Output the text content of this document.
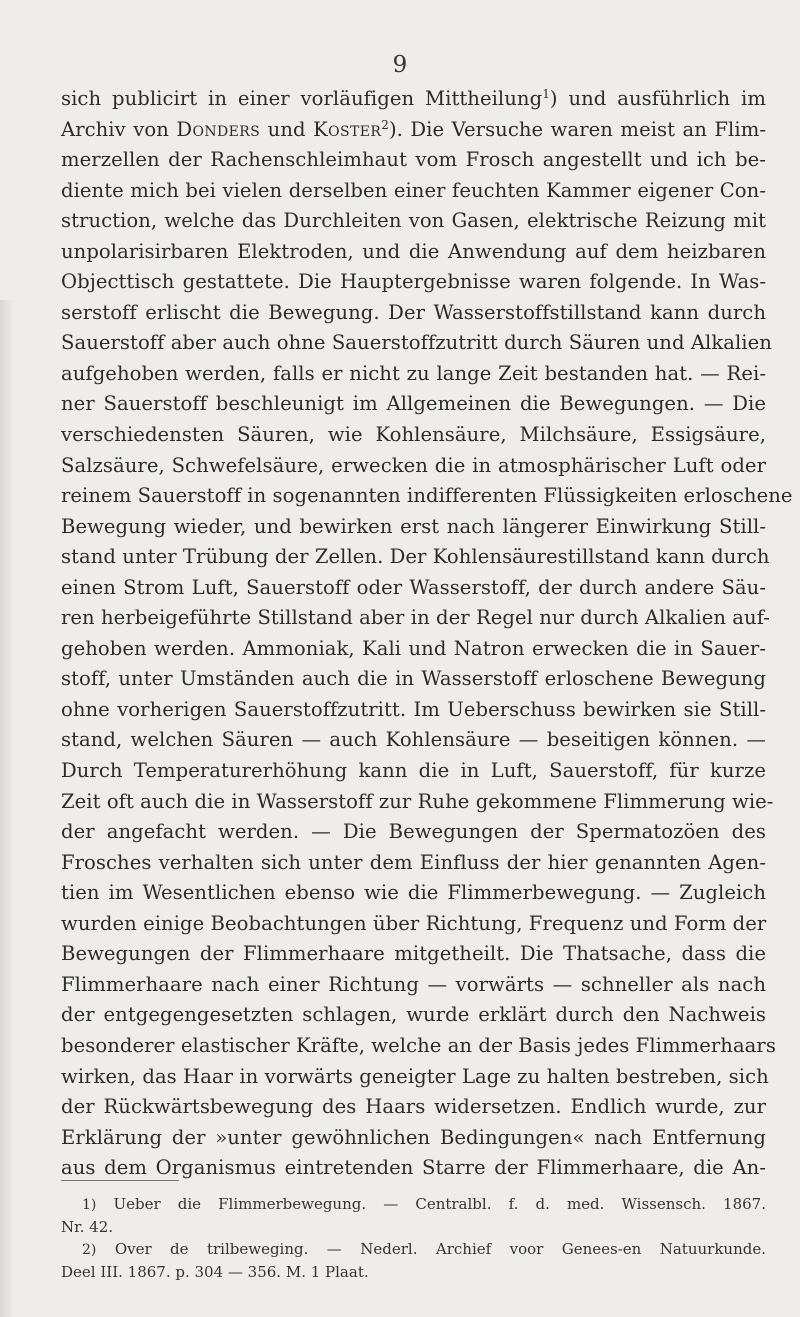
9
sich publicirt in einer vorläufigen Mittheilung$^1$) und ausführlich im
Archiv von Donders und Koster$^2$). Die Versuche waren meist an Flim-
merzellen der Rachenschleimhaut vom Frosch angestellt und ich be-
diente mich bei vielen derselben einer feuchten Kammer eigener Con-
struction, welche das Durchleiten von Gasen, elektrische Reizung mit
unpolarisirbaren Elektroden, und die Anwendung auf dem heizbaren
Objecttisch gestattete. Die Hauptergebnisse waren folgende. In Was-
serstoff erlischt die Bewegung. Der Wasserstoffstillstand kann durch
Sauerstoff aber auch ohne Sauerstoffzutritt durch Säuren und Alkalien
aufgehoben werden, falls er nicht zu lange Zeit bestanden hat. — Rei-
ner Sauerstoff beschleunigt im Allgemeinen die Bewegungen. — Die
verschiedensten Säuren, wie Kohlensäure, Milchsäure, Essigsäure,
Salzsäure, Schwefelsäure, erwecken die in atmosphärischer Luft oder
reinem Sauerstoff in sogenannten indifferenten Flüssigkeiten erloschene
Bewegung wieder, und bewirken erst nach längerer Einwirkung Still-
stand unter Trübung der Zellen. Der Kohlensäurestillstand kann durch
einen Strom Luft, Sauerstoff oder Wasserstoff, der durch andere Säu-
ren herbeigeführte Stillstand aber in der Regel nur durch Alkalien auf-
gehoben werden. Ammoniak, Kali und Natron erwecken die in Sauer-
stoff, unter Umständen auch die in Wasserstoff erloschene Bewegung
ohne vorherigen Sauerstoffzutritt. Im Ueberschuss bewirken sie Still-
stand, welchen Säuren — auch Kohlensäure — beseitigen können. —
Durch Temperaturerhöhung kann die in Luft, Sauerstoff, für kurze
Zeit oft auch die in Wasserstoff zur Ruhe gekommene Flimmerung wie-
der angefacht werden. — Die Bewegungen der Spermatozöen des
Frosches verhalten sich unter dem Einfluss der hier genannten Agen-
tien im Wesentlichen ebenso wie die Flimmerbewegung. — Zugleich
wurden einige Beobachtungen über Richtung, Frequenz und Form der
Bewegungen der Flimmerhaare mitgetheilt. Die Thatsache, dass die
Flimmerhaare nach einer Richtung — vorwärts — schneller als nach
der entgegengesetzten schlagen, wurde erklärt durch den Nachweis
besonderer elastischer Kräfte, welche an der Basis jedes Flimmerhaars
wirken, das Haar in vorwärts geneigter Lage zu halten bestreben, sich
der Rückwärtsbewegung des Haars widersetzen. Endlich wurde, zur
Erklärung der »unter gewöhnlichen Bedingungen« nach Entfernung
aus dem Organismus eintretenden Starre der Flimmerhaare, die An-
1) Ueber die Flimmerbewegung. — Centralbl. f. d. med. Wissensch. 1867.
Nr. 42.
2) Over de trilbeweging. — Nederl. Archief voor Genees-en Natuurkunde.
Deel III. 1867. p. 304 — 356. M. 1 Plaat.
